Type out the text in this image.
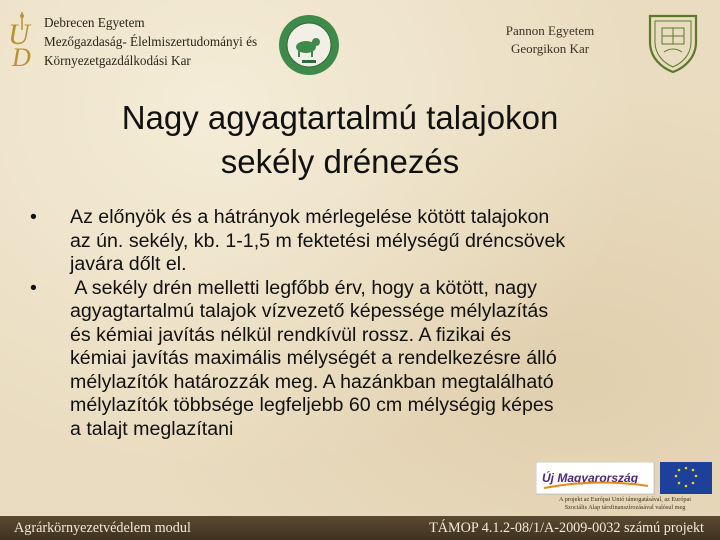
U
D
Debrecen Egyetem
Mezőgazdaság- Élelmiszertudományi és
Környezetgazdálkodási Kar
Pannon Egyetem
Georgikon Kar
Nagy agyagtartalmú talajokon
sekély drénezés
• Az előnyök és a hátrányok mérlegelése kötött talajokon
az ún. sekély, kb. 1-1,5 m fektetési mélységű dréncsövek
javára dőlt el.
• A sekély drén melletti legfőbb érv, hogy a kötött, nagy
agyagtartalmú talajok vízvezető képessége mélylazítás
és kémiai javítás nélkül rendkívül rossz. A fizikai és
kémiai javítás maximális mélységét a rendelkezésre álló
mélylazítók határozzák meg. A hazánkban megtalálható
mélylazítók többsége legfeljebb 60 cm mélységig képes
a talajt meglazítani
Új Magyarország
A projekt az Európai Unió támogatásával, az Európai
Szociális Alap társfinanszírozásával valósul meg
Agrárkörnyezetvédelem modul	TÁMOP 4.1.2-08/1/A-2009-0032 számú projekt
